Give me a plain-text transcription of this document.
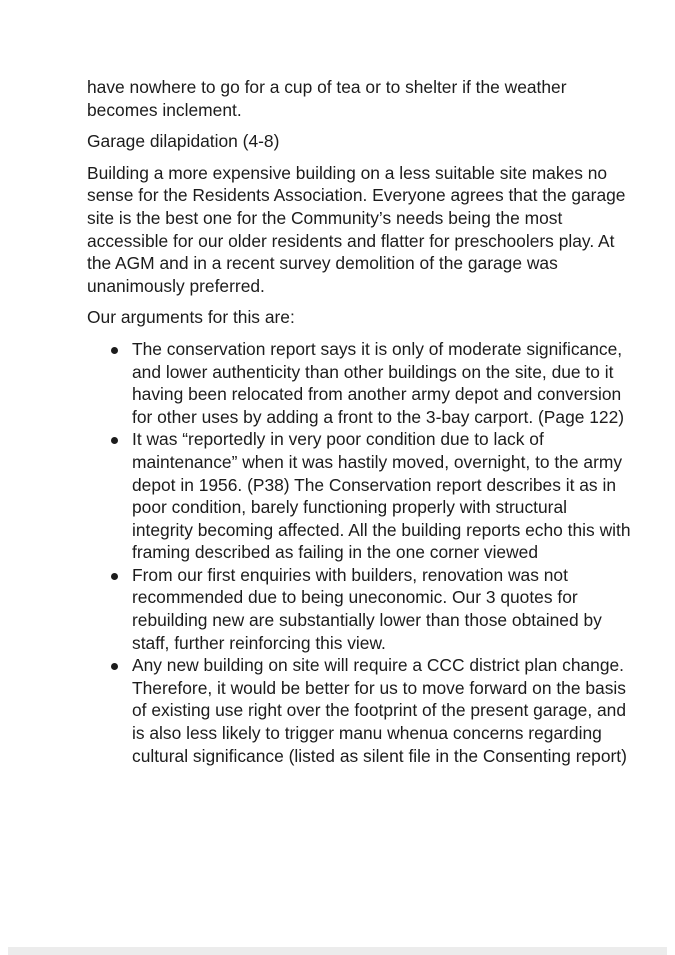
have nowhere to go for a cup of tea or to shelter if the weather becomes inclement.

Garage dilapidation (4-8)

Building a more expensive building on a less suitable site makes no sense for the Residents Association. Everyone agrees that the garage site is the best one for the Community’s needs being the most accessible for our older residents and flatter for preschoolers play. At the AGM and in a recent survey demolition of the garage was unanimously preferred.

Our arguments for this are:

The conservation report says it is only of moderate significance, and lower authenticity than other buildings on the site, due to it having been relocated from another army depot and conversion for other uses by adding a front to the 3-bay carport. (Page 122)
It was “reportedly in very poor condition due to lack of maintenance” when it was hastily moved, overnight, to the army depot in 1956. (P38) The Conservation report describes it as in poor condition, barely functioning properly with structural integrity becoming affected. All the building reports echo this with framing described as failing in the one corner viewed
From our first enquiries with builders, renovation was not recommended due to being uneconomic. Our 3 quotes for rebuilding new are substantially lower than those obtained by staff, further reinforcing this view.
Any new building on site will require a CCC district plan change. Therefore, it would be better for us to move forward on the basis of existing use right over the footprint of the present garage, and is also less likely to trigger manu whenua concerns regarding cultural significance (listed as silent file in the Consenting report)
